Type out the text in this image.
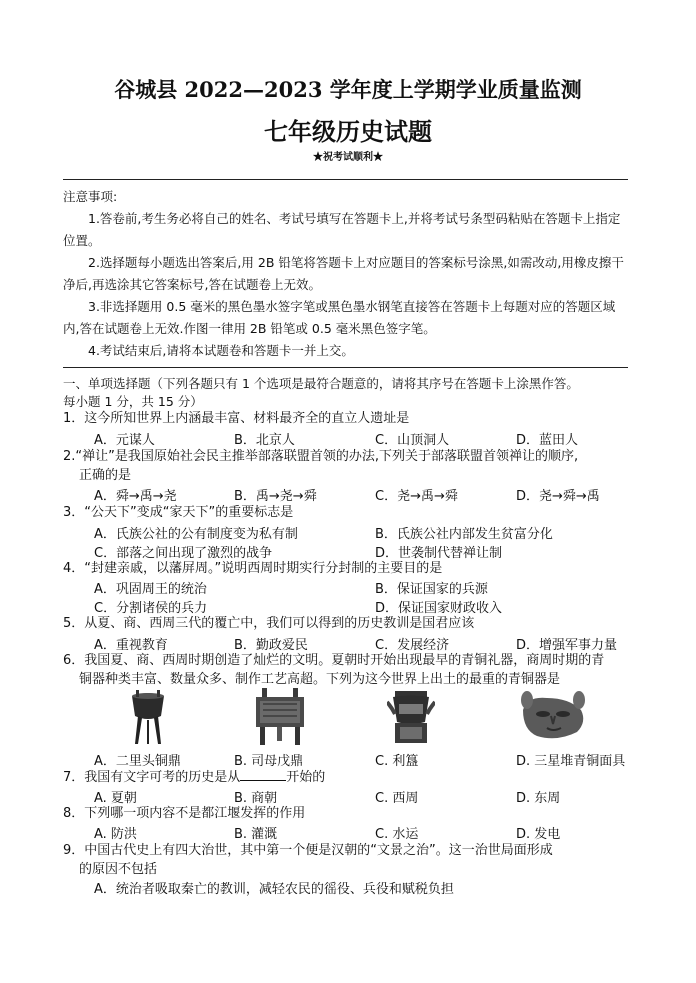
谷城县 2022—2023 学年度上学期学业质量监测
七年级历史试题
★祝考试顺利★
注意事项:
1.答卷前,考生务必将自己的姓名、考试号填写在答题卡上,并将考试号条型码粘贴在答题卡上指定位置。
2.选择题每小题选出答案后,用 2B 铅笔将答题卡上对应题目的答案标号涂黑,如需改动,用橡皮擦干净后,再选涂其它答案标号,答在试题卷上无效。
3.非选择题用 0.5 毫米的黑色墨水签字笔或黑色墨水钢笔直接答在答题卡上每题对应的答题区域内,答在试题卷上无效.作图一律用 2B 铅笔或 0.5 毫米黑色签字笔。
4.考试结束后,请将本试题卷和答题卡一并上交。
一、单项选择题（下列各题只有 1 个选项是最符合题意的，请将其序号在答题卡上涂黑作答。
每小题 1 分，共 15 分）
1．这今所知世界上内涵最丰富、材料最齐全的直立人遗址是
A．元谋人	B．北京人	C．山顶洞人	D．蓝田人
2.“禅让”是我国原始社会民主推举部落联盟首领的办法,下列关于部落联盟首领禅让的顺序,
正确的是
A．舜→禹→尧	B．禹→尧→舜	C．尧→禹→舜	D．尧→舜→禹
3．“公天下”变成“家天下”的重要标志是
A．氏族公社的公有制度变为私有制	B．氏族公社内部发生贫富分化
C．部落之间出现了激烈的战争	D．世袭制代替禅让制
4．“封建亲戚，以藩屏周。”说明西周时期实行分封制的主要目的是
A．巩固周王的统治	B．保证国家的兵源
C．分割诸侯的兵力	D．保证国家财政收入
5．从夏、商、西周三代的覆亡中，我们可以得到的历史教训是国君应该
A．重视教育	B．勤政爱民	C．发展经济	D．增强军事力量
6．我国夏、商、西周时期创造了灿烂的文明。夏朝时开始出现最早的青铜礼器，商周时期的青
铜器种类丰富、数量众多、制作工艺高超。下列为这今世界上出土的最重的青铜器是
A．二里头铜鼎	B. 司母戊鼎	C. 利簋	D. 三星堆青铜面具
7．我国有文字可考的历史是从	开始的
A. 夏朝	B. 商朝	C. 西周	D. 东周
8．下列哪一项内容不是都江堰发挥的作用
A. 防洪	B. 灌溉	C. 水运	D. 发电
9．中国古代史上有四大治世，其中第一个便是汉朝的“文景之治”。这一治世局面形成
的原因不包括
A．统治者吸取秦亡的教训，减轻农民的徭役、兵役和赋税负担
